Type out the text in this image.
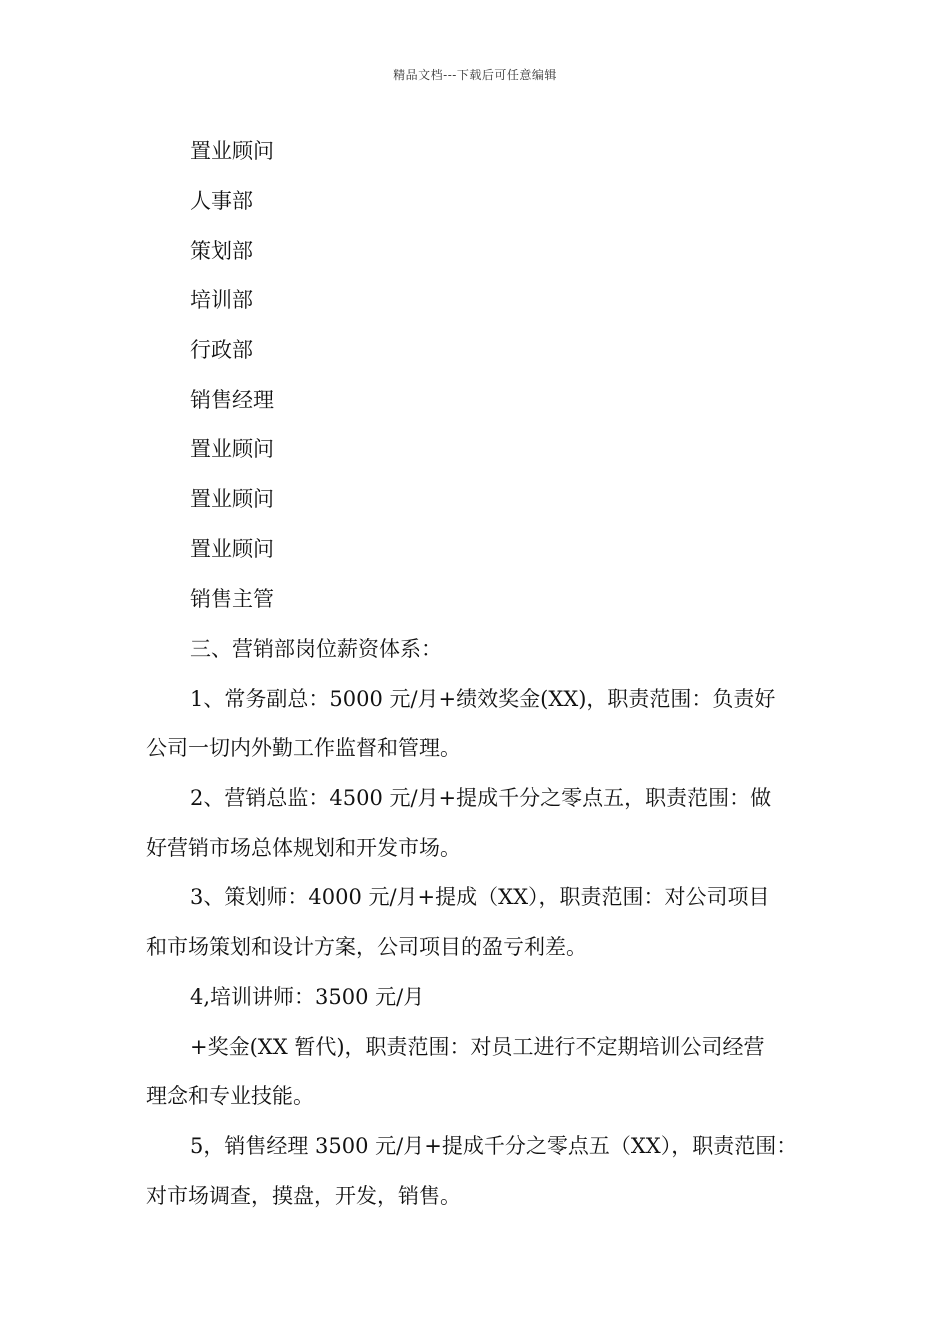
精品文档---下载后可任意编辑
置业顾问
人事部
策划部
培训部
行政部
销售经理
置业顾问
置业顾问
置业顾问
销售主管
三、营销部岗位薪资体系：
1、常务副总：5000 元/月+绩效奖金(XX)，职责范围：负责好
公司一切内外勤工作监督和管理。
2、营销总监：4500 元/月+提成千分之零点五，职责范围：做
好营销市场总体规划和开发市场。
3、策划师：4000 元/月+提成（XX），职责范围：对公司项目
和市场策划和设计方案，公司项目的盈亏利差。
4,培训讲师：3500 元/月
+奖金(XX 暂代)，职责范围：对员工进行不定期培训公司经营
理念和专业技能。
5，销售经理 3500 元/月+提成千分之零点五（XX），职责范围：
对市场调查，摸盘，开发，销售。
